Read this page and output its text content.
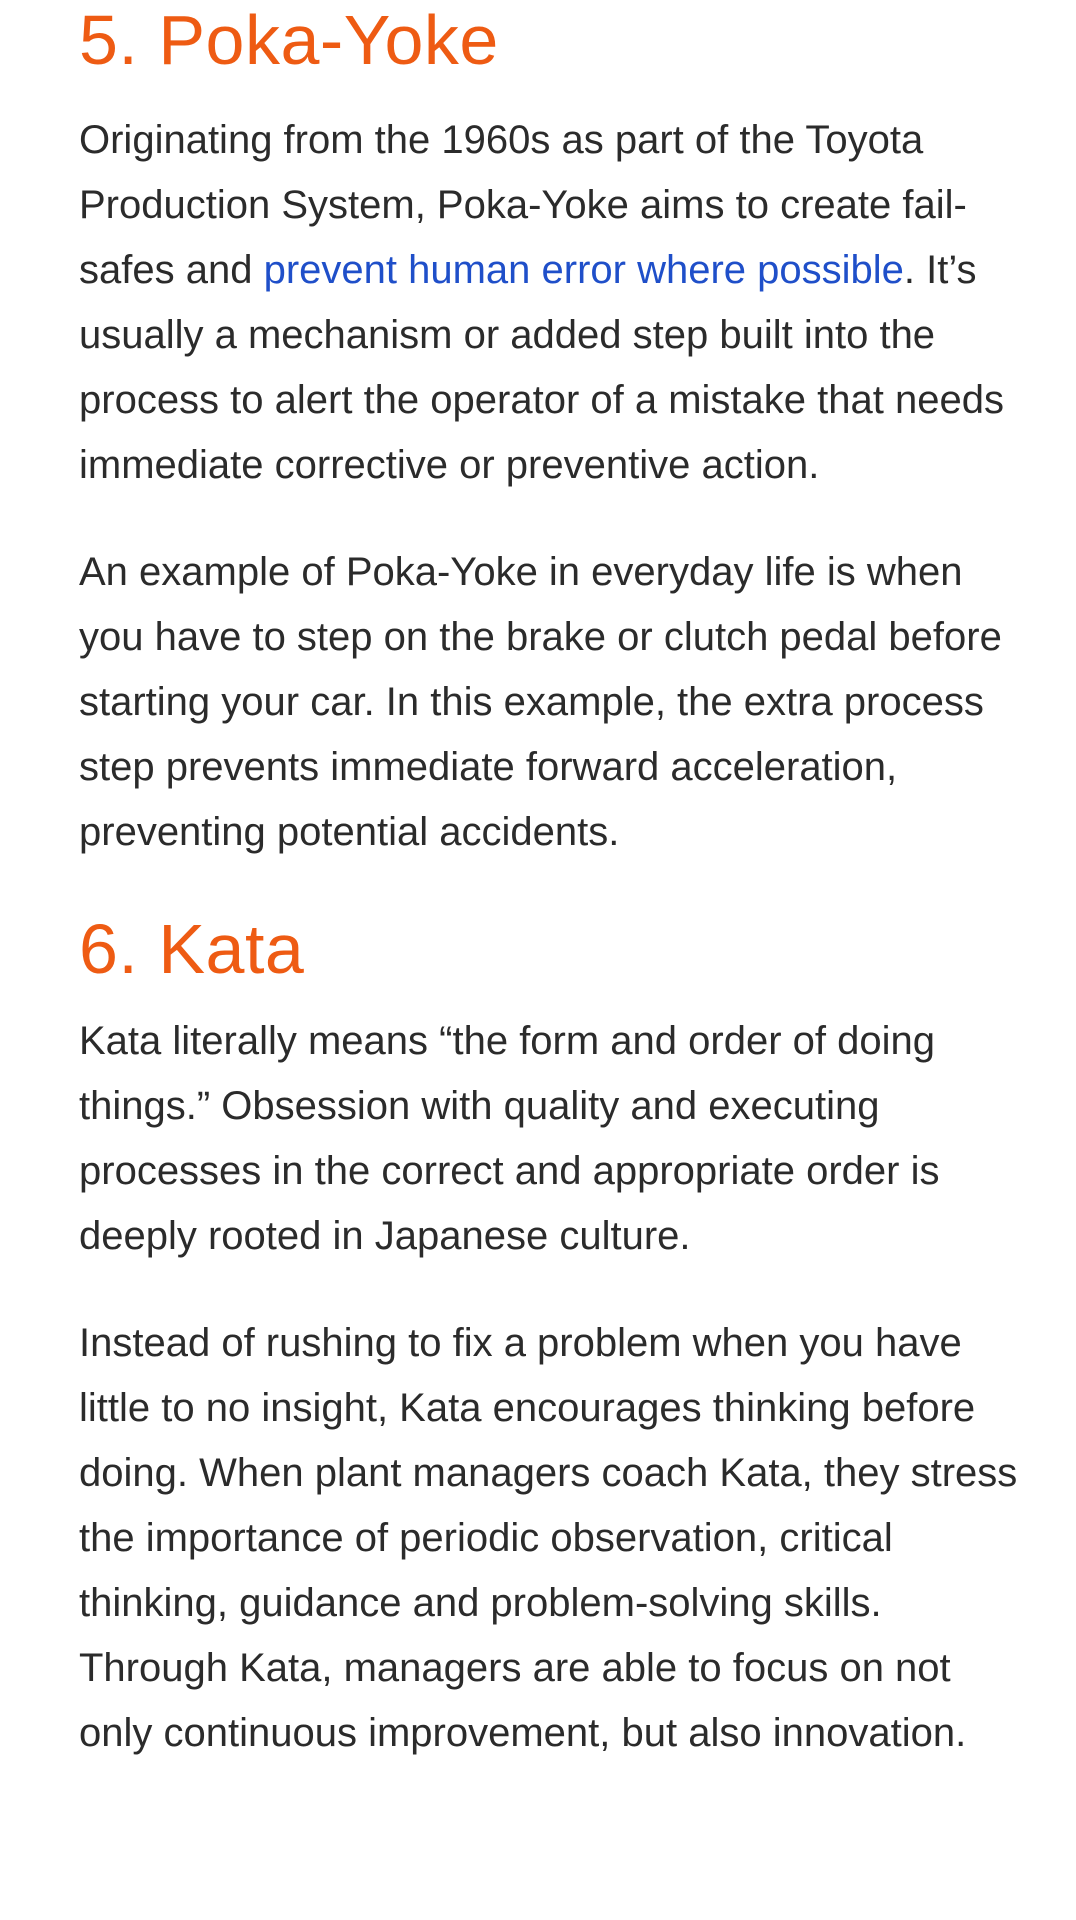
5. Poka-Yoke

Originating from the 1960s as part of the Toyota Production System, Poka-Yoke aims to create fail-safes and prevent human error where possible. It’s usually a mechanism or added step built into the process to alert the operator of a mistake that needs immediate corrective or preventive action.

An example of Poka-Yoke in everyday life is when you have to step on the brake or clutch pedal before starting your car. In this example, the extra process step prevents immediate forward acceleration, preventing potential accidents.

6. Kata

Kata literally means “the form and order of doing things.” Obsession with quality and executing processes in the correct and appropriate order is deeply rooted in Japanese culture.

Instead of rushing to fix a problem when you have little to no insight, Kata encourages thinking before doing. When plant managers coach Kata, they stress the importance of periodic observation, critical thinking, guidance and problem-solving skills. Through Kata, managers are able to focus on not only continuous improvement, but also innovation.
